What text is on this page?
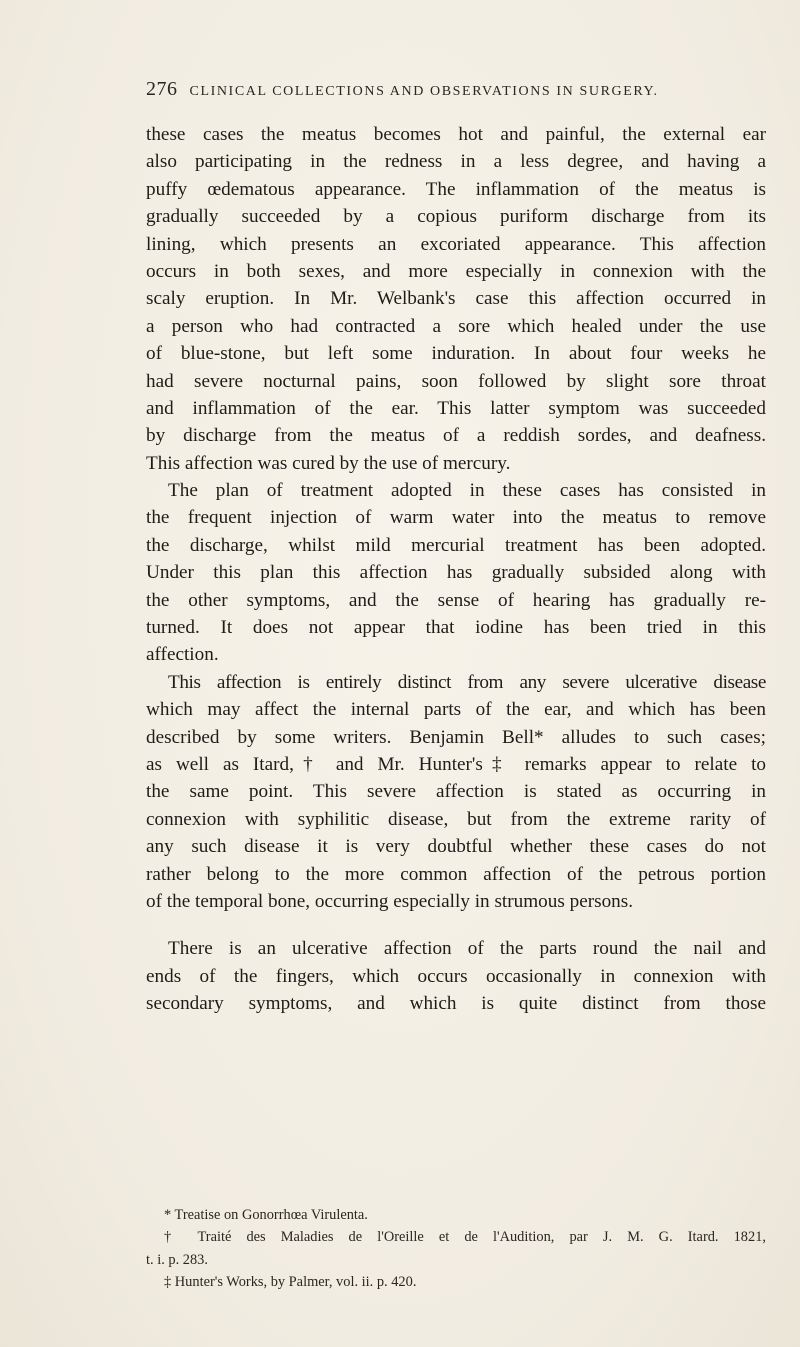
276 CLINICAL COLLECTIONS AND OBSERVATIONS IN SURGERY.
these cases the meatus becomes hot and painful, the external ear
also participating in the redness in a less degree, and having a
puffy œdematous appearance. The inflammation of the meatus is
gradually succeeded by a copious puriform discharge from its
lining, which presents an excoriated appearance. This affection
occurs in both sexes, and more especially in connexion with the
scaly eruption. In Mr. Welbank's case this affection occurred in
a person who had contracted a sore which healed under the use
of blue-stone, but left some induration. In about four weeks he
had severe nocturnal pains, soon followed by slight sore throat
and inflammation of the ear. This latter symptom was succeeded
by discharge from the meatus of a reddish sordes, and deafness.
This affection was cured by the use of mercury.
The plan of treatment adopted in these cases has consisted in
the frequent injection of warm water into the meatus to remove
the discharge, whilst mild mercurial treatment has been adopted.
Under this plan this affection has gradually subsided along with
the other symptoms, and the sense of hearing has gradually re-
turned. It does not appear that iodine has been tried in this
affection.
This affection is entirely distinct from any severe ulcerative disease
which may affect the internal parts of the ear, and which has been
described by some writers. Benjamin Bell* alludes to such cases;
as well as Itard,† and Mr. Hunter's‡ remarks appear to relate to
the same point. This severe affection is stated as occurring in
connexion with syphilitic disease, but from the extreme rarity of
any such disease it is very doubtful whether these cases do not
rather belong to the more common affection of the petrous portion
of the temporal bone, occurring especially in strumous persons.
There is an ulcerative affection of the parts round the nail and
ends of the fingers, which occurs occasionally in connexion with
secondary symptoms, and which is quite distinct from those
* Treatise on Gonorrhœa Virulenta.
† Traité des Maladies de l'Oreille et de l'Audition, par J. M. G. Itard. 1821,
t. i. p. 283.
‡ Hunter's Works, by Palmer, vol. ii. p. 420.
